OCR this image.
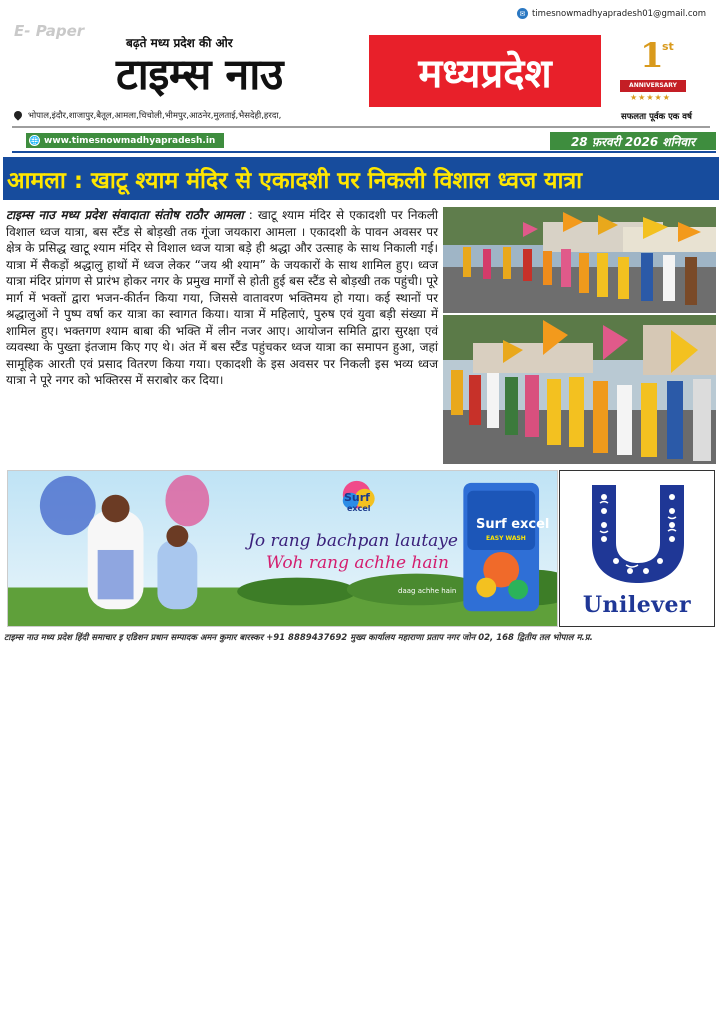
E- Paper
✉ timesnowmadhyapradesh01@gmail.com
बढ़ते मध्य प्रदेश की ओर
टाइम्स नाउ	मध्यप्रदेश	1
st
ANNIVERSARY
★★★★★
सफलता पूर्वक एक वर्ष
भोपाल,इंदौर,शाजापुर,बैतूल,आमला,चिचोली,भीमपुर,आठनेर,मुलताई,भैसदेही,हरदा,
🌐 www.timesnowmadhyapradesh.in	28 फ़रवरी 2026 शनिवार
आमला : खाटू श्याम मंदिर से एकादशी पर निकली विशाल ध्वज यात्रा
टाइम्स नाउ मध्य प्रदेश संवादाता संतोष राठौर आमला : खाटू श्याम मंदिर से एकादशी पर निकली विशाल ध्वज यात्रा, बस स्टैंड से बोड़खी तक गूंजा जयकारा आमला । एकादशी के पावन अवसर पर क्षेत्र के प्रसिद्ध खाटू श्याम मंदिर से विशाल ध्वज यात्रा बड़े ही श्रद्धा और उत्साह के साथ निकाली गई। यात्रा में सैकड़ों श्रद्धालु हाथों में ध्वज लेकर “जय श्री श्याम” के जयकारों के साथ शामिल हुए। ध्वज यात्रा मंदिर प्रांगण से प्रारंभ होकर नगर के प्रमुख मार्गों से होती हुई बस स्टैंड से बोड़खी तक पहुंची। पूरे मार्ग में भक्तों द्वारा भजन-कीर्तन किया गया, जिससे वातावरण भक्तिमय हो गया। कई स्थानों पर श्रद्धालुओं ने पुष्प वर्षा कर यात्रा का स्वागत किया। यात्रा में महिलाएं, पुरुष एवं युवा बड़ी संख्या में शामिल हुए। भक्तगण श्याम बाबा की भक्ति में लीन नजर आए। आयोजन समिति द्वारा सुरक्षा एवं व्यवस्था के पुख्ता इंतजाम किए गए थे। अंत में बस स्टैंड पहुंचकर ध्वज यात्रा का समापन हुआ, जहां सामूहिक आरती एवं प्रसाद वितरण किया गया। एकादशी के इस अवसर पर निकली इस भव्य ध्वज यात्रा ने पूरे नगर को भक्तिरस में सराबोर कर दिया।
Surf
excel
Jo rang bachpan lautaye
Woh rang achhe hain
Surf excel
EASY WASH
daag achhe hain
Unilever
टाइम्स नाउ मध्य प्रदेश हिंदी समाचार इ एडिशन प्रधान सम्पादक अमन कुमार बारस्कर +91 8889437692 मुख्य कार्यालय महाराणा प्रताप नगर जोन 02, 168 द्वितीय तल भोपाल म.प्र.
